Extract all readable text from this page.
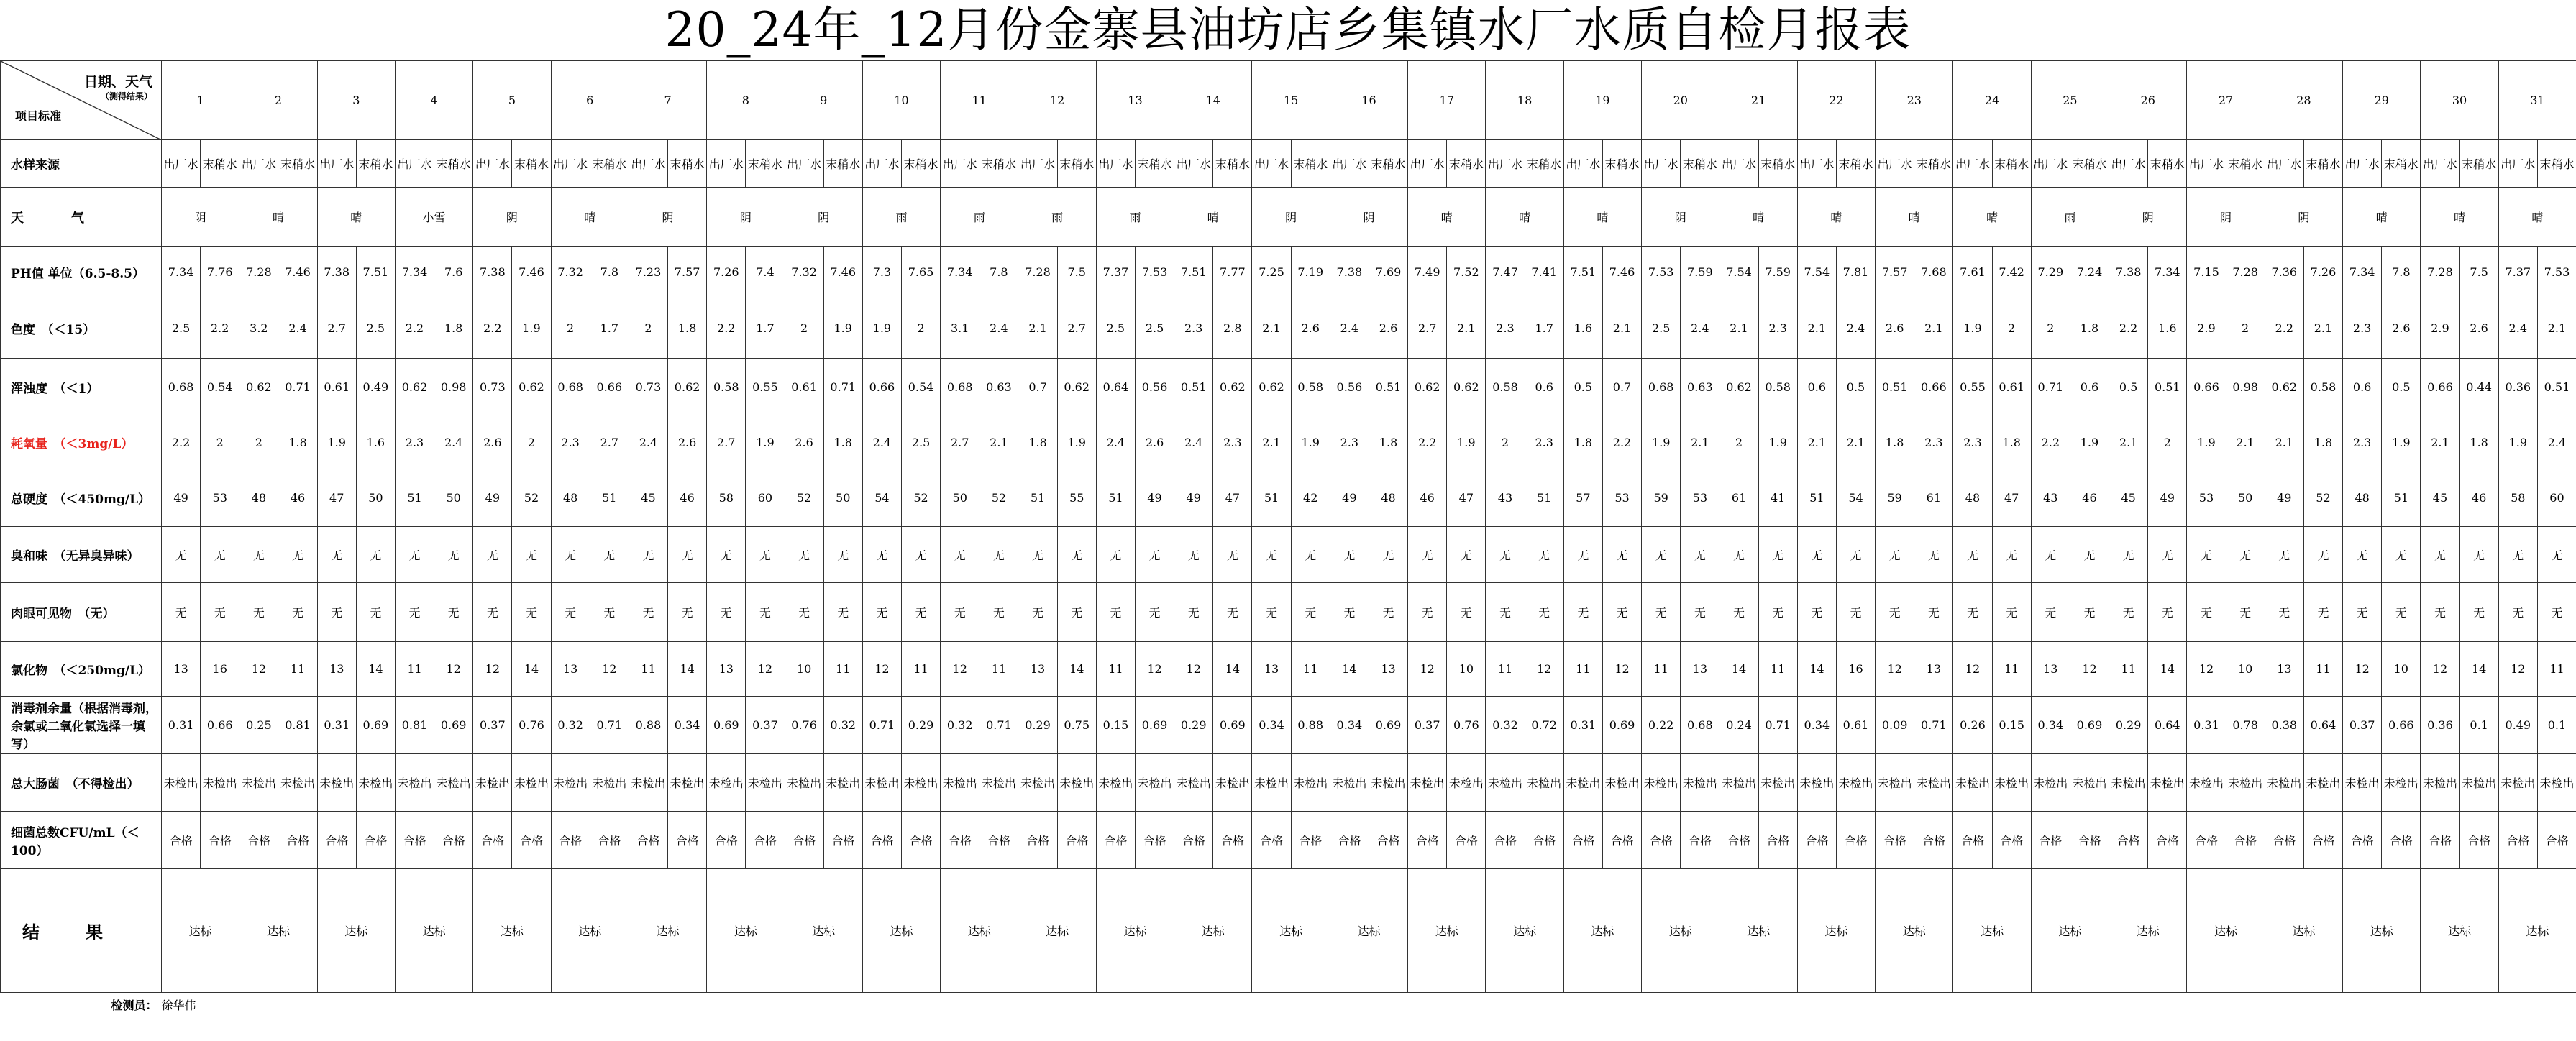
20_24年_12月份金寨县油坊店乡集镇水厂水质自检月报表
日期、天气
（测得结果）
项目标准	1		2		3		4		5		6		7		8		9		10		11		12		13		14		15		16		17		18		19		20		21		22		23		24		25		26		27		28		29		30		31	
水样来源	出厂水	末稍水	出厂水	末稍水	出厂水	末稍水	出厂水	末稍水	出厂水	末稍水	出厂水	末稍水	出厂水	末稍水	出厂水	末稍水	出厂水	末稍水	出厂水	末稍水	出厂水	末稍水	出厂水	末稍水	出厂水	末稍水	出厂水	末稍水	出厂水	末稍水	出厂水	末稍水	出厂水	末稍水	出厂水	末稍水	出厂水	末稍水	出厂水	末稍水	出厂水	末稍水	出厂水	末稍水	出厂水	末稍水	出厂水	末稍水	出厂水	末稍水	出厂水	末稍水	出厂水	末稍水	出厂水	末稍水	出厂水	末稍水	出厂水	末稍水	出厂水	末稍水
天　气	阴		晴		晴		小雪		阴		晴		阴		阴		阴		雨		雨		雨		雨		晴		阴		阴		晴		晴		晴		阴		晴		晴		晴		晴		雨		阴		阴		阴		晴		晴		晴	
PH值 单位（6.5-8.5）	7.34	7.76	7.28	7.46	7.38	7.51	7.34	7.6	7.38	7.46	7.32	7.8	7.23	7.57	7.26	7.4	7.32	7.46	7.3	7.65	7.34	7.8	7.28	7.5	7.37	7.53	7.51	7.77	7.25	7.19	7.38	7.69	7.49	7.52	7.47	7.41	7.51	7.46	7.53	7.59	7.54	7.59	7.54	7.81	7.57	7.68	7.61	7.42	7.29	7.24	7.38	7.34	7.15	7.28	7.36	7.26	7.34	7.8	7.28	7.5	7.37	7.53
色度　（＜15）	2.5	2.2	3.2	2.4	2.7	2.5	2.2	1.8	2.2	1.9	2	1.7	2	1.8	2.2	1.7	2	1.9	1.9	2	3.1	2.4	2.1	2.7	2.5	2.5	2.3	2.8	2.1	2.6	2.4	2.6	2.7	2.1	2.3	1.7	1.6	2.1	2.5	2.4	2.1	2.3	2.1	2.4	2.6	2.1	1.9	2	2	1.8	2.2	1.6	2.9	2	2.2	2.1	2.3	2.6	2.9	2.6	2.4	2.1
浑浊度　（＜1）	0.68	0.54	0.62	0.71	0.61	0.49	0.62	0.98	0.73	0.62	0.68	0.66	0.73	0.62	0.58	0.55	0.61	0.71	0.66	0.54	0.68	0.63	0.7	0.62	0.64	0.56	0.51	0.62	0.62	0.58	0.56	0.51	0.62	0.62	0.58	0.6	0.5	0.7	0.68	0.63	0.62	0.58	0.6	0.5	0.51	0.66	0.55	0.61	0.71	0.6	0.5	0.51	0.66	0.98	0.62	0.58	0.6	0.5	0.66	0.44	0.36	0.51
耗氧量　（＜3mg/L）	2.2	2	2	1.8	1.9	1.6	2.3	2.4	2.6	2	2.3	2.7	2.4	2.6	2.7	1.9	2.6	1.8	2.4	2.5	2.7	2.1	1.8	1.9	2.4	2.6	2.4	2.3	2.1	1.9	2.3	1.8	2.2	1.9	2	2.3	1.8	2.2	1.9	2.1	2	1.9	2.1	2.1	1.8	2.3	2.3	1.8	2.2	1.9	2.1	2	1.9	2.1	2.1	1.8	2.3	1.9	2.1	1.8	1.9	2.4
总硬度　（＜450mg/L）	49	53	48	46	47	50	51	50	49	52	48	51	45	46	58	60	52	50	54	52	50	52	51	55	51	49	49	47	51	42	49	48	46	47	43	51	57	53	59	53	61	41	51	54	59	61	48	47	43	46	45	49	53	50	49	52	48	51	45	46	58	60
臭和味　（无异臭异味）	无	无	无	无	无	无	无	无	无	无	无	无	无	无	无	无	无	无	无	无	无	无	无	无	无	无	无	无	无	无	无	无	无	无	无	无	无	无	无	无	无	无	无	无	无	无	无	无	无	无	无	无	无	无	无	无	无	无	无	无	无	无
肉眼可见物　（无）	无	无	无	无	无	无	无	无	无	无	无	无	无	无	无	无	无	无	无	无	无	无	无	无	无	无	无	无	无	无	无	无	无	无	无	无	无	无	无	无	无	无	无	无	无	无	无	无	无	无	无	无	无	无	无	无	无	无	无	无	无	无
氯化物　（＜250mg/L）	13	16	12	11	13	14	11	12	12	14	13	12	11	14	13	12	10	11	12	11	12	11	13	14	11	12	12	14	13	11	14	13	12	10	11	12	11	12	11	13	14	11	14	16	12	13	12	11	13	12	11	14	12	10	13	11	12	10	12	14	12	11
消毒剂余量（根据消毒剂，余氯或二氧化氯选择一填写）	0.31	0.66	0.25	0.81	0.31	0.69	0.81	0.69	0.37	0.76	0.32	0.71	0.88	0.34	0.69	0.37	0.76	0.32	0.71	0.29	0.32	0.71	0.29	0.75	0.15	0.69	0.29	0.69	0.34	0.88	0.34	0.69	0.37	0.76	0.32	0.72	0.31	0.69	0.22	0.68	0.24	0.71	0.34	0.61	0.09	0.71	0.26	0.15	0.34	0.69	0.29	0.64	0.31	0.78	0.38	0.64	0.37	0.66	0.36	0.1	0.49	0.1
总大肠菌　（不得检出）	未检出	未检出	未检出	未检出	未检出	未检出	未检出	未检出	未检出	未检出	未检出	未检出	未检出	未检出	未检出	未检出	未检出	未检出	未检出	未检出	未检出	未检出	未检出	未检出	未检出	未检出	未检出	未检出	未检出	未检出	未检出	未检出	未检出	未检出	未检出	未检出	未检出	未检出	未检出	未检出	未检出	未检出	未检出	未检出	未检出	未检出	未检出	未检出	未检出	未检出	未检出	未检出	未检出	未检出	未检出	未检出	未检出	未检出	未检出	未检出	未检出	未检出
细菌总数CFU/mL（＜100）	合格	合格	合格	合格	合格	合格	合格	合格	合格	合格	合格	合格	合格	合格	合格	合格	合格	合格	合格	合格	合格	合格	合格	合格	合格	合格	合格	合格	合格	合格	合格	合格	合格	合格	合格	合格	合格	合格	合格	合格	合格	合格	合格	合格	合格	合格	合格	合格	合格	合格	合格	合格	合格	合格	合格	合格	合格	合格	合格	合格	合格	合格
结　果	达标		达标		达标		达标		达标		达标		达标		达标		达标		达标		达标		达标		达标		达标		达标		达标		达标		达标		达标		达标		达标		达标		达标		达标		达标		达标		达标		达标		达标		达标		达标	
检测员：	徐华伟																																																													
